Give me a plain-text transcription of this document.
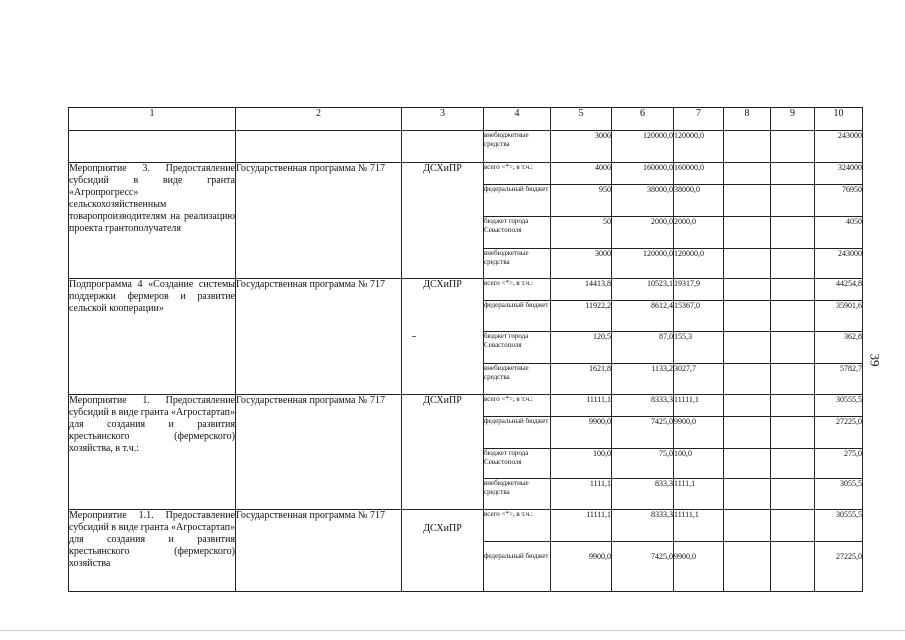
1	2	3	4	5	6	7	8	9	10
			внебюджетные средства	3000	120000,0	120000,0			243000
Мероприятие 3. Предоставление субсидий в виде гранта «Агропрогресс» сельскохозяйственным товаропроизводителям на реализацию проекта грантополучателя	Государственная программа № 717	ДСХиПР	всего <*>, в т.ч.:	4000	160000,0	160000,0			324000
			федеральный бюджет	950	38000,0	38000,0			76950
			бюджет города Севастополя	50	2000,0	2000,0			4050
			внебюджетные средства	3000	120000,0	120000,0			243000
Подпрограмма 4 «Создание системы поддержки фермеров и развитие сельской кооперации»	Государственная программа № 717	ДСХиПР	всего <*>, в т.ч.:	14413,8	10523,1	19317,9			44254,8
			федеральный бюджет	11922,2	8612,4	15367,0			35901,6
			бюджет города Севастополя	120,5	87,0	155,3			362,8
			внебюджетные средства	1621,8	1133,2	3027,7			5782,7
Мероприятие 1. Предоставление субсидий в виде гранта «Агростартап» для создания и развития крестьянского (фермерского) хозяйства, в т.ч.:	Государственная программа № 717	ДСХиПР	всего <*>, в т.ч.:	11111,1	8333,3	11111,1			30555,5
			федеральный бюджет	9900,0	7425,0	9900,0			27225,0
			бюджет города Севастополя	100,0	75,0	100,0			275,0
			внебюджетные средства	1111,1	833,3	1111,1			3055,5
Мероприятие 1.1. Предоставление субсидий в виде гранта «Агростартап» для создания и развития крестьянского (фермерского) хозяйства	Государственная программа № 717	ДСХиПР	всего <*>, в т.ч.:	11111,1	8333,3	11111,1			30555,5
			федеральный бюджет	9900,0	7425,0	9900,0			27225,0
39
